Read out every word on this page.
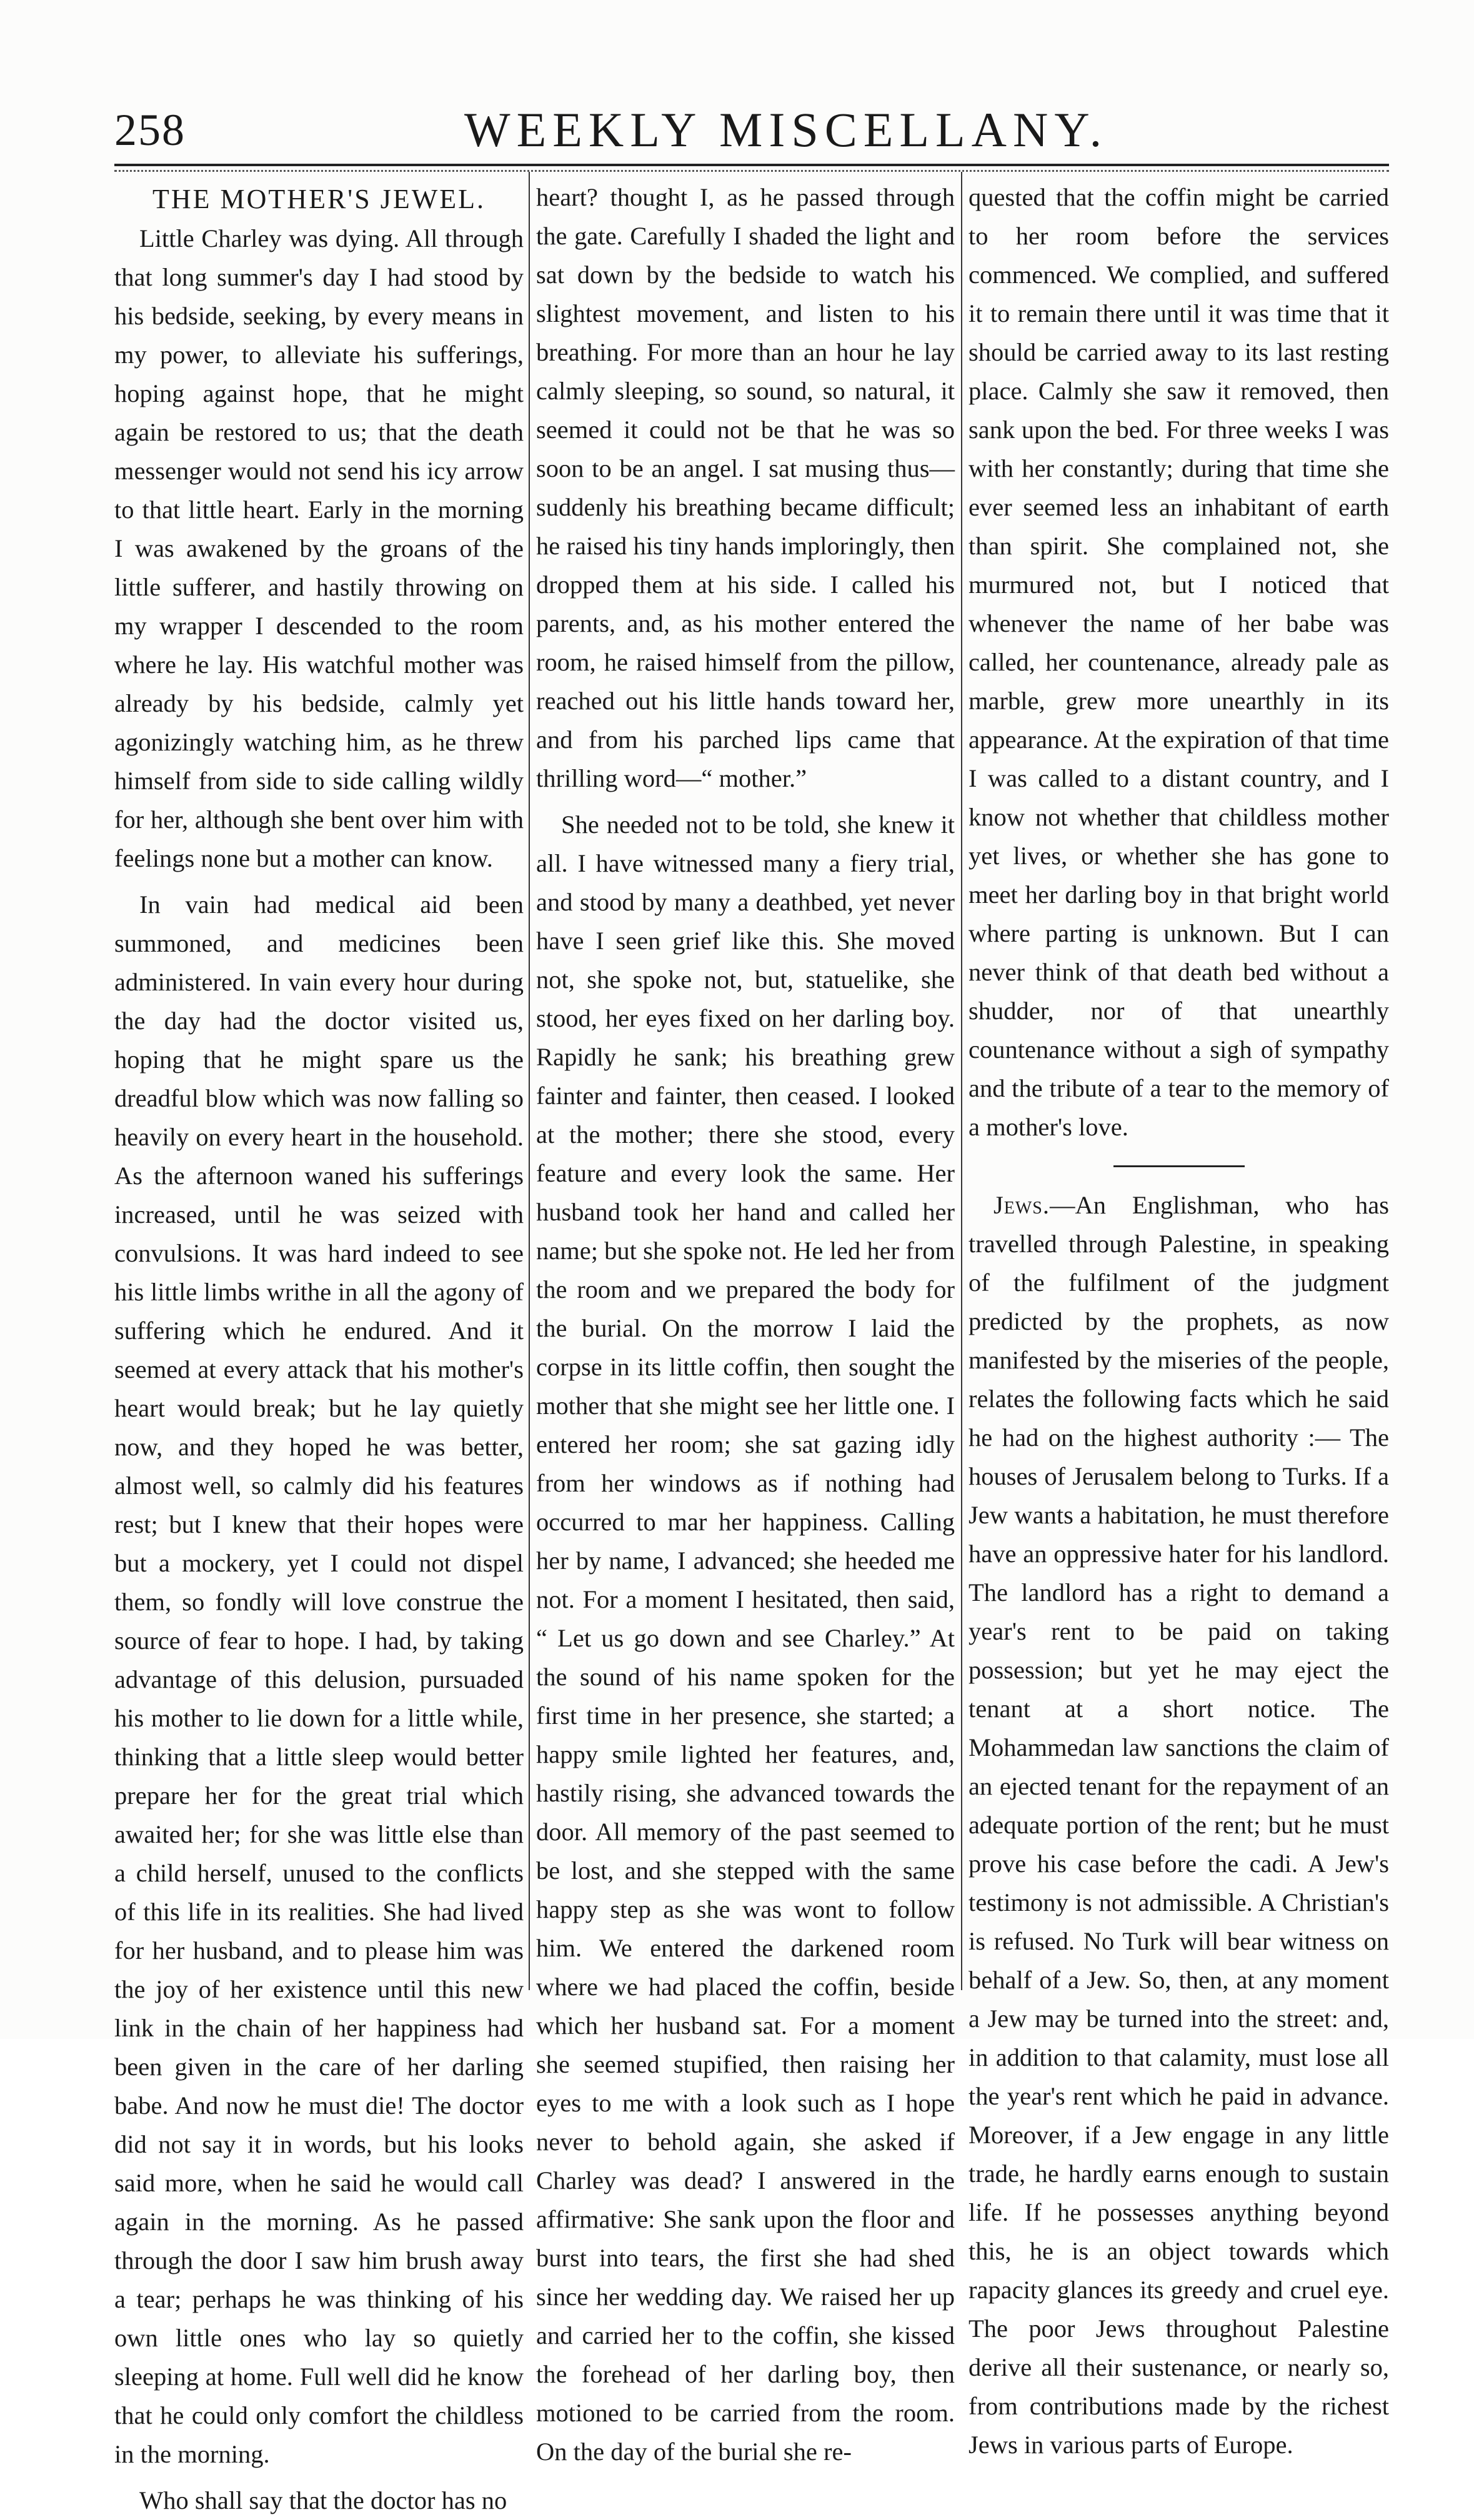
258	WEEKLY MISCELLANY.
THE MOTHER'S JEWEL.

Little Charley was dying. All through that long summer's day I had stood by his bedside, seeking, by every means in my power, to alleviate his sufferings, hoping against hope, that he might again be restored to us; that the death messenger would not send his icy arrow to that little heart. Early in the morning I was awakened by the groans of the little sufferer, and hastily throwing on my wrapper I descended to the room where he lay. His watchful mother was already by his bedside, calmly yet agonizingly watching him, as he threw himself from side to side calling wildly for her, although she bent over him with feelings none but a mother can know.

In vain had medical aid been summoned, and medicines been administered. In vain every hour during the day had the doctor visited us, hoping that he might spare us the dreadful blow which was now falling so heavily on every heart in the household. As the afternoon waned his sufferings increased, until he was seized with convulsions. It was hard indeed to see his little limbs writhe in all the agony of suffering which he endured. And it seemed at every attack that his mother's heart would break; but he lay quietly now, and they hoped he was better, almost well, so calmly did his features rest; but I knew that their hopes were but a mockery, yet I could not dispel them, so fondly will love construe the source of fear to hope. I had, by taking advantage of this delusion, pursuaded his mother to lie down for a little while, thinking that a little sleep would better prepare her for the great trial which awaited her; for she was little else than a child herself, unused to the conflicts of this life in its realities. She had lived for her husband, and to please him was the joy of her existence until this new link in the chain of her happiness had been given in the care of her darling babe. And now he must die! The doctor did not say it in words, but his looks said more, when he said he would call again in the morning. As he passed through the door I saw him brush away a tear; perhaps he was thinking of his own little ones who lay so quietly sleeping at home. Full well did he know that he could only comfort the childless in the morning.

Who shall say that the doctor has no

heart? thought I, as he passed through the gate. Carefully I shaded the light and sat down by the bedside to watch his slightest movement, and listen to his breathing. For more than an hour he lay calmly sleeping, so sound, so natural, it seemed it could not be that he was so soon to be an angel. I sat musing thus— suddenly his breathing became difficult; he raised his tiny hands imploringly, then dropped them at his side. I called his parents, and, as his mother entered the room, he raised himself from the pillow, reached out his little hands toward her, and from his parched lips came that thrilling word—“ mother.”

She needed not to be told, she knew it all. I have witnessed many a fiery trial, and stood by many a deathbed, yet never have I seen grief like this. She moved not, she spoke not, but, statuelike, she stood, her eyes fixed on her darling boy. Rapidly he sank; his breathing grew fainter and fainter, then ceased. I looked at the mother; there she stood, every feature and every look the same. Her husband took her hand and called her name; but she spoke not. He led her from the room and we prepared the body for the burial. On the morrow I laid the corpse in its little coffin, then sought the mother that she might see her little one. I entered her room; she sat gazing idly from her windows as if nothing had occurred to mar her happiness. Calling her by name, I advanced; she heeded me not. For a moment I hesitated, then said, “ Let us go down and see Charley.” At the sound of his name spoken for the first time in her presence, she started; a happy smile lighted her features, and, hastily rising, she advanced towards the door. All memory of the past seemed to be lost, and she stepped with the same happy step as she was wont to follow him. We entered the darkened room where we had placed the coffin, beside which her husband sat. For a moment she seemed stupified, then raising her eyes to me with a look such as I hope never to behold again, she asked if Charley was dead? I answered in the affirmative: She sank upon the floor and burst into tears, the first she had shed since her wedding day. We raised her up and carried her to the coffin, she kissed the forehead of her darling boy, then motioned to be carried from the room. On the day of the burial she re-

quested that the coffin might be carried to her room before the services commenced. We complied, and suffered it to remain there until it was time that it should be carried away to its last resting place. Calmly she saw it removed, then sank upon the bed. For three weeks I was with her constantly; during that time she ever seemed less an inhabitant of earth than spirit. She complained not, she murmured not, but I noticed that whenever the name of her babe was called, her countenance, already pale as marble, grew more unearthly in its appearance. At the expiration of that time I was called to a distant country, and I know not whether that childless mother yet lives, or whether she has gone to meet her darling boy in that bright world where parting is unknown. But I can never think of that death bed without a shudder, nor of that unearthly countenance without a sigh of sympathy and the tribute of a tear to the memory of a mother's love.

Jews.—An Englishman, who has travelled through Palestine, in speaking of the fulfilment of the judgment predicted by the prophets, as now manifested by the miseries of the people, relates the following facts which he said he had on the highest authority :— The houses of Jerusalem belong to Turks. If a Jew wants a habitation, he must therefore have an oppressive hater for his landlord. The landlord has a right to demand a year's rent to be paid on taking possession; but yet he may eject the tenant at a short notice. The Mohammedan law sanctions the claim of an ejected tenant for the repayment of an adequate portion of the rent; but he must prove his case before the cadi. A Jew's testimony is not admissible. A Christian's is refused. No Turk will bear witness on behalf of a Jew. So, then, at any moment a Jew may be turned into the street: and, in addition to that calamity, must lose all the year's rent which he paid in advance. Moreover, if a Jew engage in any little trade, he hardly earns enough to sustain life. If he possesses anything beyond this, he is an object towards which rapacity glances its greedy and cruel eye. The poor Jews throughout Palestine derive all their sustenance, or nearly so, from contributions made by the richest Jews in various parts of Europe.
